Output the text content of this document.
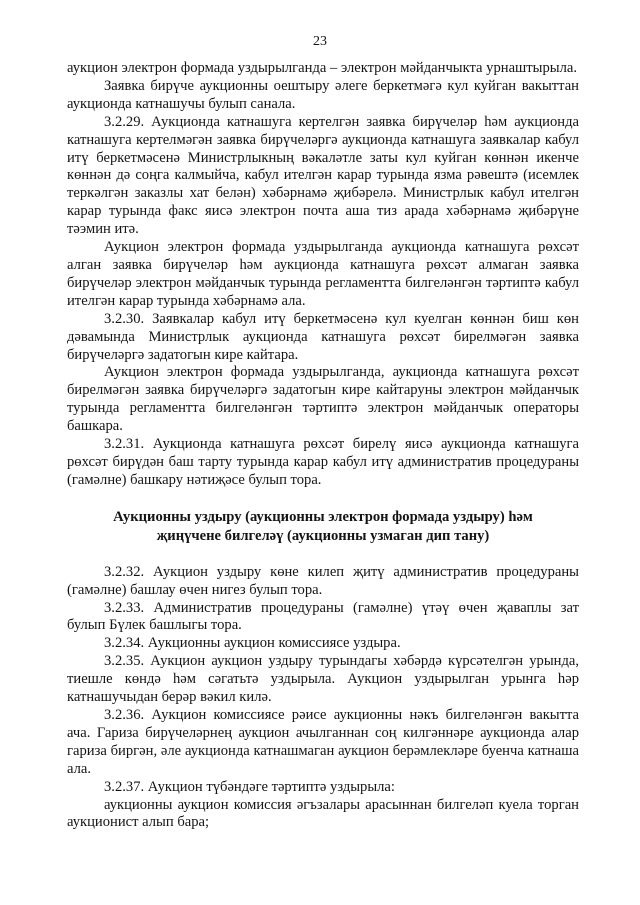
23

аукцион электрон формада уздырылганда – электрон мәйданчыкта урнаштырыла.

Заявка бирүче аукционны оештыру әлеге беркетмәгә кул куйган вакыттан аукционда катнашучы булып санала.

3.2.29. Аукционда катнашуга кертелгән заявка бирүчеләр һәм аукционда катнашуга кертелмәгән заявка бирүчеләргә аукционда катнашуга заявкалар кабул итү беркетмәсенә Министрлыкның вәкаләтле заты кул куйган көннән икенче көннән дә соңга калмыйча, кабул ителгән карар турында язма рәвештә (исемлек теркәлгән заказлы хат белән) хәбәрнамә җибәрелә. Министрлык кабул ителгән карар турында факс яисә электрон почта аша тиз арада хәбәрнамә җибәрүне тәэмин итә.

Аукцион электрон формада уздырылганда аукционда катнашуга рөхсәт алган заявка бирүчеләр һәм аукционда катнашуга рөхсәт алмаган заявка бирүчеләр электрон мәйданчык турында регламентта билгеләнгән тәртиптә кабул ителгән карар турында хәбәрнамә ала.

3.2.30. Заявкалар кабул итү беркетмәсенә кул куелган көннән биш көн дәвамында Министрлык аукционда катнашуга рөхсәт бирелмәгән заявка бирүчеләргә задатогын кире кайтара.

Аукцион электрон формада уздырылганда, аукционда катнашуга рөхсәт бирелмәгән заявка бирүчеләргә задатогын кире кайтаруны электрон мәйданчык турында регламентта билгеләнгән тәртиптә электрон мәйданчык операторы башкара.

3.2.31. Аукционда катнашуга рөхсәт бирелү яисә аукционда катнашуга рөхсәт бирүдән баш тарту турында карар кабул итү административ процедураны (гамәлне) башкару нәтиҗәсе булып тора.

Аукционны уздыру (аукционны электрон формада уздыру) һәм
җиңүчене билгеләү (аукционны узмаган дип тану)

3.2.32. Аукцион уздыру көне килеп җитү административ процедураны (гамәлне) башлау өчен нигез булып тора.

3.2.33. Административ процедураны (гамәлне) үтәү өчен җаваплы зат булып Бүлек башлыгы тора.

3.2.34. Аукционны аукцион комиссиясе уздыра.

3.2.35. Аукцион аукцион уздыру турындагы хәбәрдә күрсәтелгән урында, тиешле көндә һәм сәгатьтә уздырыла. Аукцион уздырылган урынга һәр катнашучыдан берәр вәкил килә.

3.2.36. Аукцион комиссиясе рәисе аукционны нәкъ билгеләнгән вакытта ача. Гариза бирүчеләрнең аукцион ачылганнан соң килгәннәре аукционда алар гариза биргән, әле аукционда катнашмаган аукцион берәмлекләре буенча катнаша ала.

3.2.37. Аукцион түбәндәге тәртиптә уздырыла:

аукционны аукцион комиссия әгъзалары арасыннан билгеләп куела торган аукционист алып бара;
